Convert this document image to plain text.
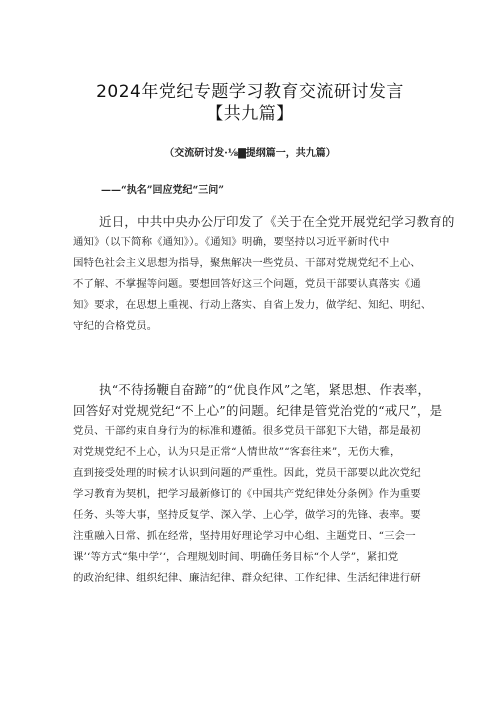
2024年党纪专题学习教育交流研讨发言
【共九篇】
（交流研讨发·⅛▇提纲篇一，共九篇）
——“执名”回应党纪“三问”
近日，中共中央办公厅印发了《关于在全党开展党纪学习教育的
通知》（以下简称《通知》）。《通知》明确，要坚持以习近平新时代中
国特色社会主义思想为指导，聚焦解决一些党员、干部对党规党纪不上心、
不了解、不掌握等问题。要想回答好这三个问题，党员干部要认真落实《通
知》要求，在思想上重视、行动上落实、自省上发力，做学纪、知纪、明纪、
守纪的合格党员。
执“不待扬鞭自奋蹄”的“优良作风”之笔，紧思想、作表率，
回答好对党规党纪“不上心”的问题。纪律是管党治党的“戒尺”，是
党员、干部约束自身行为的标准和遵循。很多党员干部犯下大错，都是最初
对党规党纪不上心，认为只是正常“人情世故”“客套往来”，无伤大雅，
直到接受处理的时候才认识到问题的严重性。因此，党员干部要以此次党纪
学习教育为契机，把学习最新修订的《中国共产党纪律处分条例》作为重要
任务、头等大事，坚持反复学、深入学、上心学，做学习的先锋、表率。要
注重融入日常、抓在经常，坚持用好理论学习中心组、主题党日、“三会一
课’‘等方式“集中学’‘，合理规划时间、明确任务目标“个人学”，紧扣党
的政治纪律、组织纪律、廉洁纪律、群众纪律、工作纪律、生活纪律进行研
